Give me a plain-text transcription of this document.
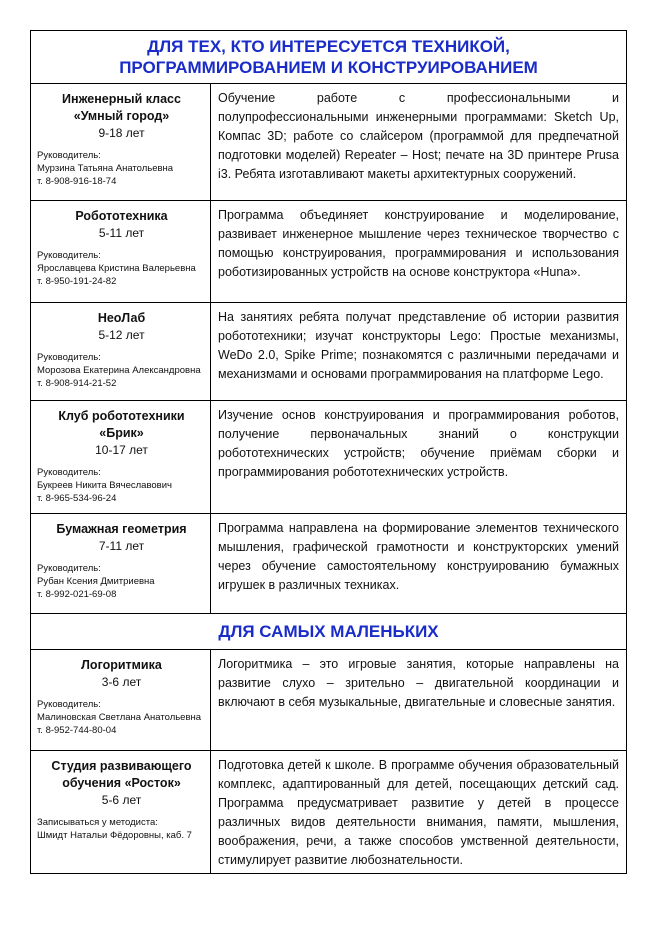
ДЛЯ ТЕХ, КТО ИНТЕРЕСУЕТСЯ ТЕХНИКОЙ,
ПРОГРАММИРОВАНИЕМ И КОНСТРУИРОВАНИЕМ
Инженерный класс
«Умный город»
9-18 лет
Руководитель:
Мурзина Татьяна Анатольевна
т. 8-908-916-18-74
Обучение работе с профессиональными и полупрофессиональными инженерными программами: Sketch Up, Компас 3D; работе со слайсером (программой для предпечатной подготовки моделей) Repeater – Host; печате на 3D принтере Prusa i3. Ребята изготавливают макеты архитектурных сооружений.
Робототехника
5-11 лет
Руководитель:
Ярославцева Кристина Валерьевна
т. 8-950-191-24-82
Программа объединяет конструирование и моделирование, развивает инженерное мышление через техническое творчество с помощью конструирования, программирования и использования роботизированных устройств на основе конструктора «Huna».
НеоЛаб
5-12 лет
Руководитель:
Морозова Екатерина Александровна
т. 8-908-914-21-52
На занятиях ребята получат представление об истории развития робототехники; изучат конструкторы Lego: Простые механизмы, WeDo 2.0, Spike Prime; познакомятся с различными передачами и механизмами и основами программирования на платформе Lego.
Клуб робототехники
«Брик»
10-17 лет
Руководитель:
Букреев Никита Вячеславович
т. 8-965-534-96-24
Изучение основ конструирования и программирования роботов, получение первоначальных знаний о конструкции робототехнических устройств; обучение приёмам сборки и программирования робототехнических устройств.
Бумажная геометрия
7-11 лет
Руководитель:
Рубан Ксения Дмитриевна
т. 8-992-021-69-08
Программа направлена на формирование элементов технического мышления, графической грамотности и конструкторских умений через обучение самостоятельному конструированию бумажных игрушек в различных техниках.
ДЛЯ САМЫХ МАЛЕНЬКИХ
Логоритмика
3-6 лет
Руководитель:
Малиновская Светлана Анатольевна
т. 8-952-744-80-04
Логоритмика – это игровые занятия, которые направлены на развитие слухо – зрительно – двигательной координации и включают в себя музыкальные, двигательные и словесные занятия.
Студия развивающего
обучения «Росток»
5-6 лет
Записываться у методиста:
Шмидт Натальи Фёдоровны, каб. 7
Подготовка детей к школе. В программе обучения образовательный комплекс, адаптированный для детей, посещающих детский сад. Программа предусматривает развитие у детей в процессе различных видов деятельности внимания, памяти, мышления, воображения, речи, а также способов умственной деятельности, стимулирует развитие любознательности.
